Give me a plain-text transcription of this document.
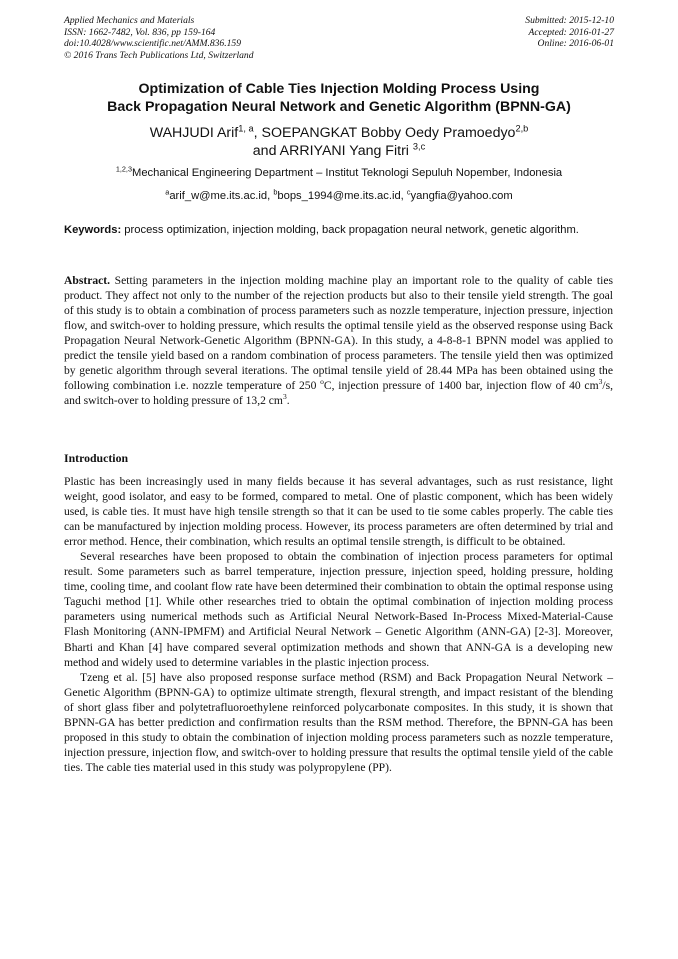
Applied Mechanics and Materials
ISSN: 1662-7482, Vol. 836, pp 159-164
doi:10.4028/www.scientific.net/AMM.836.159
© 2016 Trans Tech Publications Ltd, Switzerland
Submitted: 2015-12-10
Accepted: 2016-01-27
Online: 2016-06-01
Optimization of Cable Ties Injection Molding Process Using
Back Propagation Neural Network and Genetic Algorithm (BPNN-GA)
WAHJUDI Arif$^{1, a}$, SOEPANGKAT Bobby Oedy Pramoedyo$^{2,b}$
and ARRIYANI Yang Fitri $^{3,c}$
$^{1,2,3}$Mechanical Engineering Department – Institut Teknologi Sepuluh Nopember, Indonesia
$^a$arif_w@me.its.ac.id, $^b$bops_1994@me.its.ac.id, $^c$yangfia@yahoo.com
Keywords: process optimization, injection molding, back propagation neural network, genetic algorithm.

Abstract. Setting parameters in the injection molding machine play an important role to the quality of cable ties product. They affect not only to the number of the rejection products but also to their tensile yield strength. The goal of this study is to obtain a combination of process parameters such as nozzle temperature, injection pressure, injection flow, and switch-over to holding pressure, which results the optimal tensile yield as the observed response using Back Propagation Neural Network-Genetic Algorithm (BPNN-GA). In this study, a 4-8-8-1 BPNN model was applied to predict the tensile yield based on a random combination of process parameters. The tensile yield then was optimized by genetic algorithm through several iterations. The optimal tensile yield of 28.44 MPa has been obtained using the following combination i.e. nozzle temperature of 250 $^o$C, injection pressure of 1400 bar, injection flow of 40 $cm^3/s$, and switch-over to holding pressure of 13,2 $cm^3$.

Introduction

Plastic has been increasingly used in many fields because it has several advantages, such as rust resistance, light weight, good isolator, and easy to be formed, compared to metal. One of plastic component, which has been widely used, is cable ties. It must have high tensile strength so that it can be used to tie some cables properly. The cable ties can be manufactured by injection molding process. However, its process parameters are often determined by trial and error method. Hence, their combination, which results an optimal tensile strength, is difficult to be obtained.

Several researches have been proposed to obtain the combination of injection process parameters for optimal result. Some parameters such as barrel temperature, injection pressure, injection speed, holding pressure, holding time, cooling time, and coolant flow rate have been determined their combination to obtain the optimal response using Taguchi method [1]. While other researches tried to obtain the optimal combination of injection molding process parameters using numerical methods such as Artificial Neural Network-Based In-Process Mixed-Material-Cause Flash Monitoring (ANN-IPMFM) and Artificial Neural Network – Genetic Algorithm (ANN-GA) [2-3]. Moreover, Bharti and Khan [4] have compared several optimization methods and shown that ANN-GA is a developing new method and widely used to determine variables in the plastic injection process.

Tzeng et al. [5] have also proposed response surface method (RSM) and Back Propagation Neural Network – Genetic Algorithm (BPNN-GA) to optimize ultimate strength, flexural strength, and impact resistant of the blending of short glass fiber and polytetrafluoroethylene reinforced polycarbonate composites. In this study, it is shown that BPNN-GA has better prediction and confirmation results than the RSM method. Therefore, the BPNN-GA has been proposed in this study to obtain the combination of injection molding process parameters such as nozzle temperature, injection pressure, injection flow, and switch-over to holding pressure that results the optimal tensile yield of the cable ties. The cable ties material used in this study was polypropylene (PP).
